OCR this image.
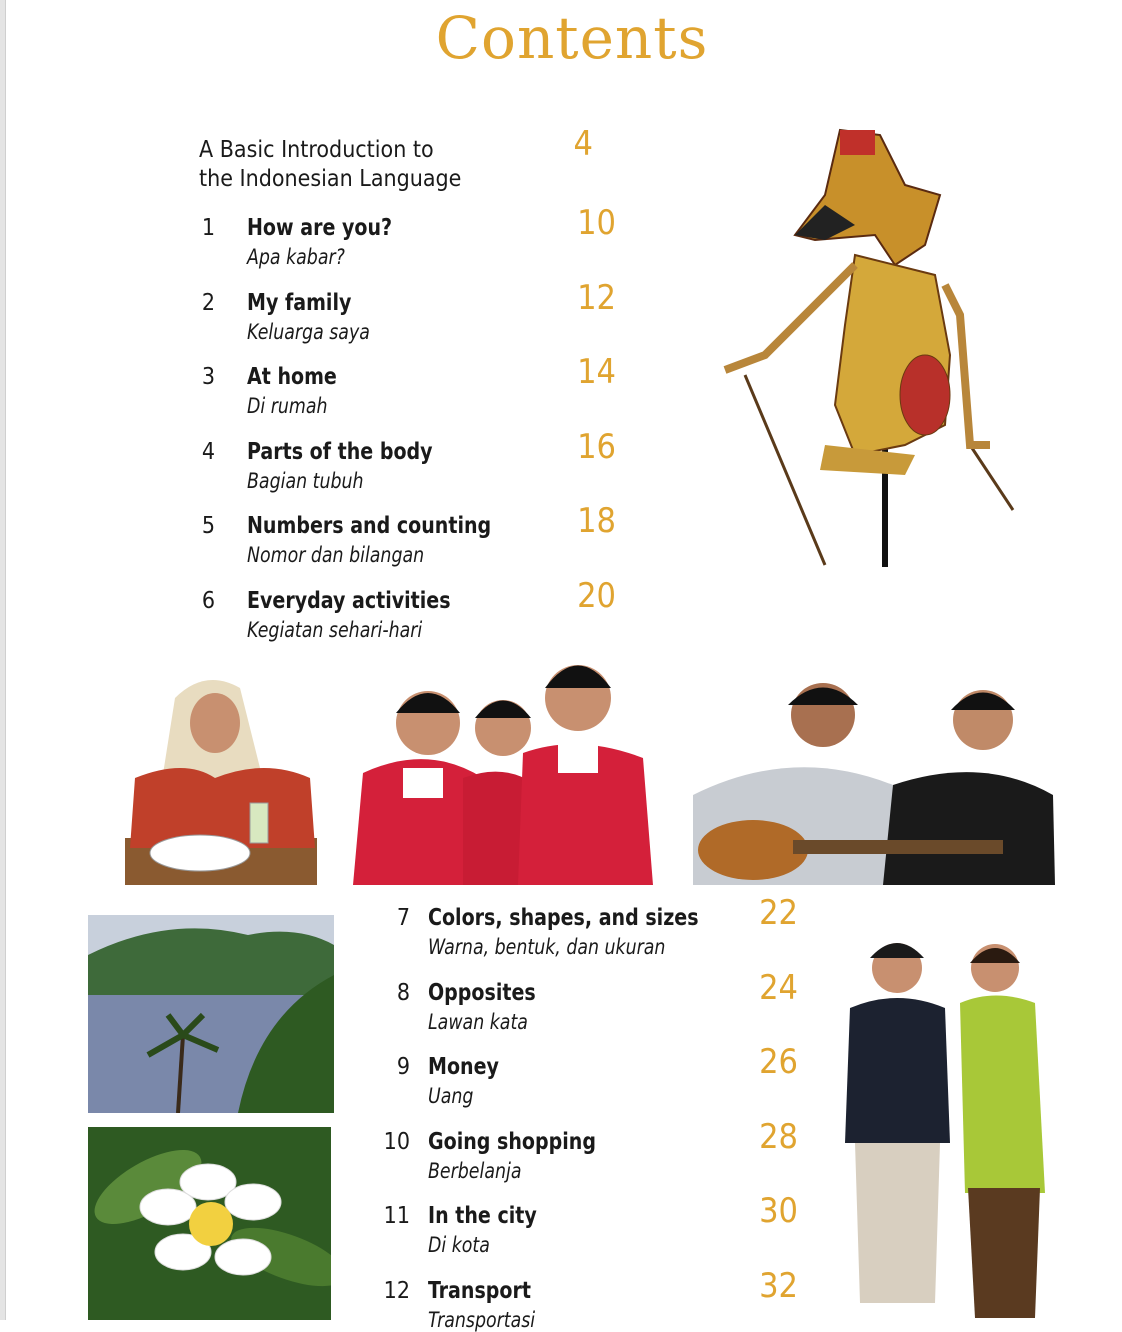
Contents
A Basic Introduction to
the Indonesian Language
4
1 How are you?
Apa kabar?
10
2 My family
Keluarga saya
12
3 At home
Di rumah
14
4 Parts of the body
Bagian tubuh
16
5 Numbers and counting
Nomor dan bilangan
18
6 Everyday activities
Kegiatan sehari-hari
20
7 Colors, shapes, and sizes
Warna, bentuk, dan ukuran
22
8 Opposites
Lawan kata
24
9 Money
Uang
26
10 Going shopping
Berbelanja
28
11 In the city
Di kota
30
12 Transport
Transportasi
32
